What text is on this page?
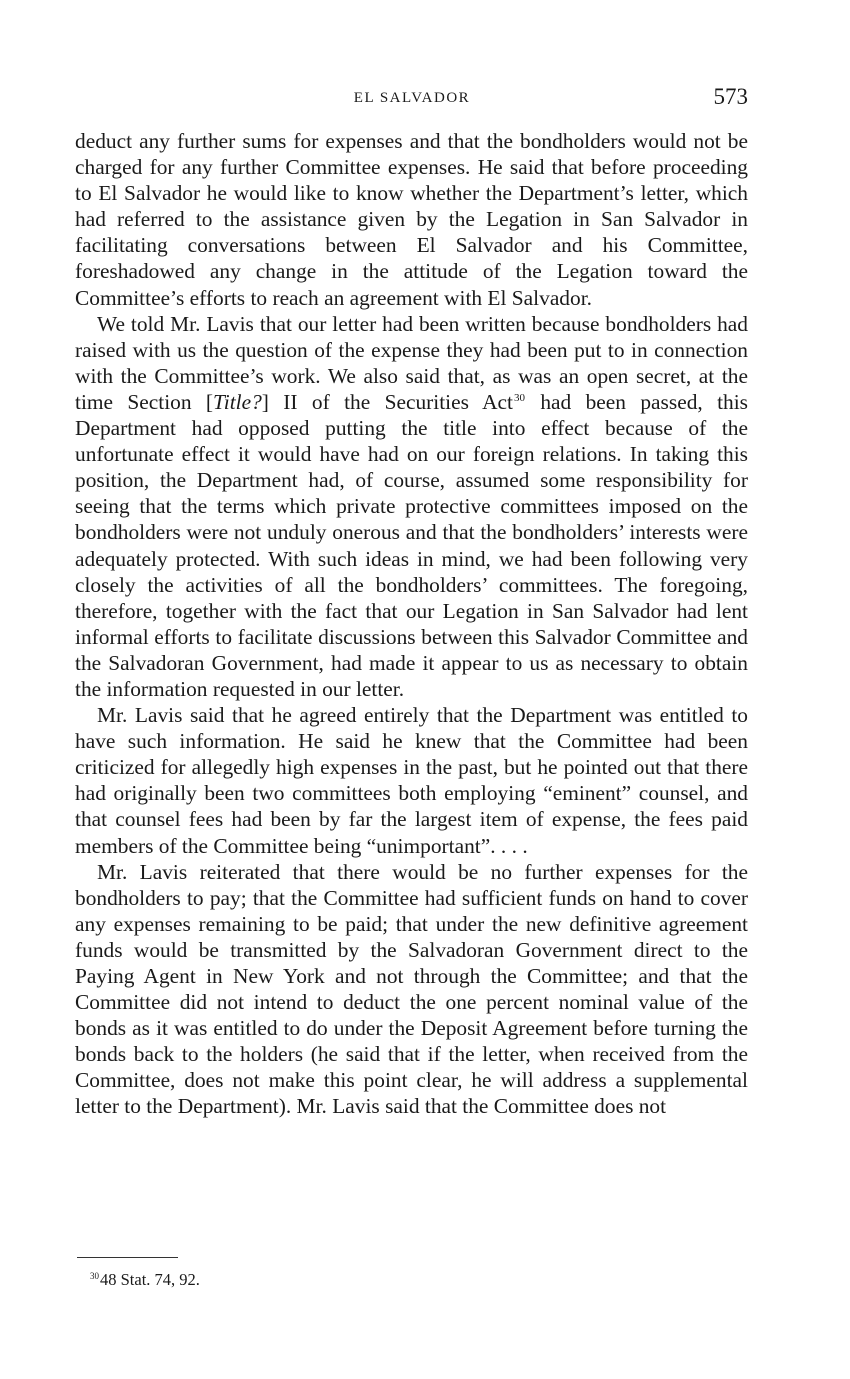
EL SALVADOR	573

deduct any further sums for expenses and that the bondholders would not be charged for any further Committee expenses. He said that before proceeding to El Salvador he would like to know whether the Department’s letter, which had referred to the assistance given by the Legation in San Salvador in facilitating conversations between El Salvador and his Committee, foreshadowed any change in the attitude of the Legation toward the Committee’s efforts to reach an agreement with El Salvador.

We told Mr. Lavis that our letter had been written because bondholders had raised with us the question of the expense they had been put to in connection with the Committee’s work. We also said that, as was an open secret, at the time Section [Title?] II of the Securities Act$^{30}$ had been passed, this Department had opposed putting the title into effect because of the unfortunate effect it would have had on our foreign relations. In taking this position, the Department had, of course, assumed some responsibility for seeing that the terms which private protective committees imposed on the bondholders were not unduly onerous and that the bondholders’ interests were adequately protected. With such ideas in mind, we had been following very closely the activities of all the bondholders’ committees. The foregoing, therefore, together with the fact that our Legation in San Salvador had lent informal efforts to facilitate discussions between this Salvador Committee and the Salvadoran Government, had made it appear to us as necessary to obtain the information requested in our letter.

Mr. Lavis said that he agreed entirely that the Department was entitled to have such information. He said he knew that the Committee had been criticized for allegedly high expenses in the past, but he pointed out that there had originally been two committees both employing “eminent” counsel, and that counsel fees had been by far the largest item of expense, the fees paid members of the Committee being “unimportant”. . . .

Mr. Lavis reiterated that there would be no further expenses for the bondholders to pay; that the Committee had sufficient funds on hand to cover any expenses remaining to be paid; that under the new definitive agreement funds would be transmitted by the Salvadoran Government direct to the Paying Agent in New York and not through the Committee; and that the Committee did not intend to deduct the one percent nominal value of the bonds as it was entitled to do under the Deposit Agreement before turning the bonds back to the holders (he said that if the letter, when received from the Committee, does not make this point clear, he will address a supplemental letter to the Department). Mr. Lavis said that the Committee does not

$^{30}$48 Stat. 74, 92.
